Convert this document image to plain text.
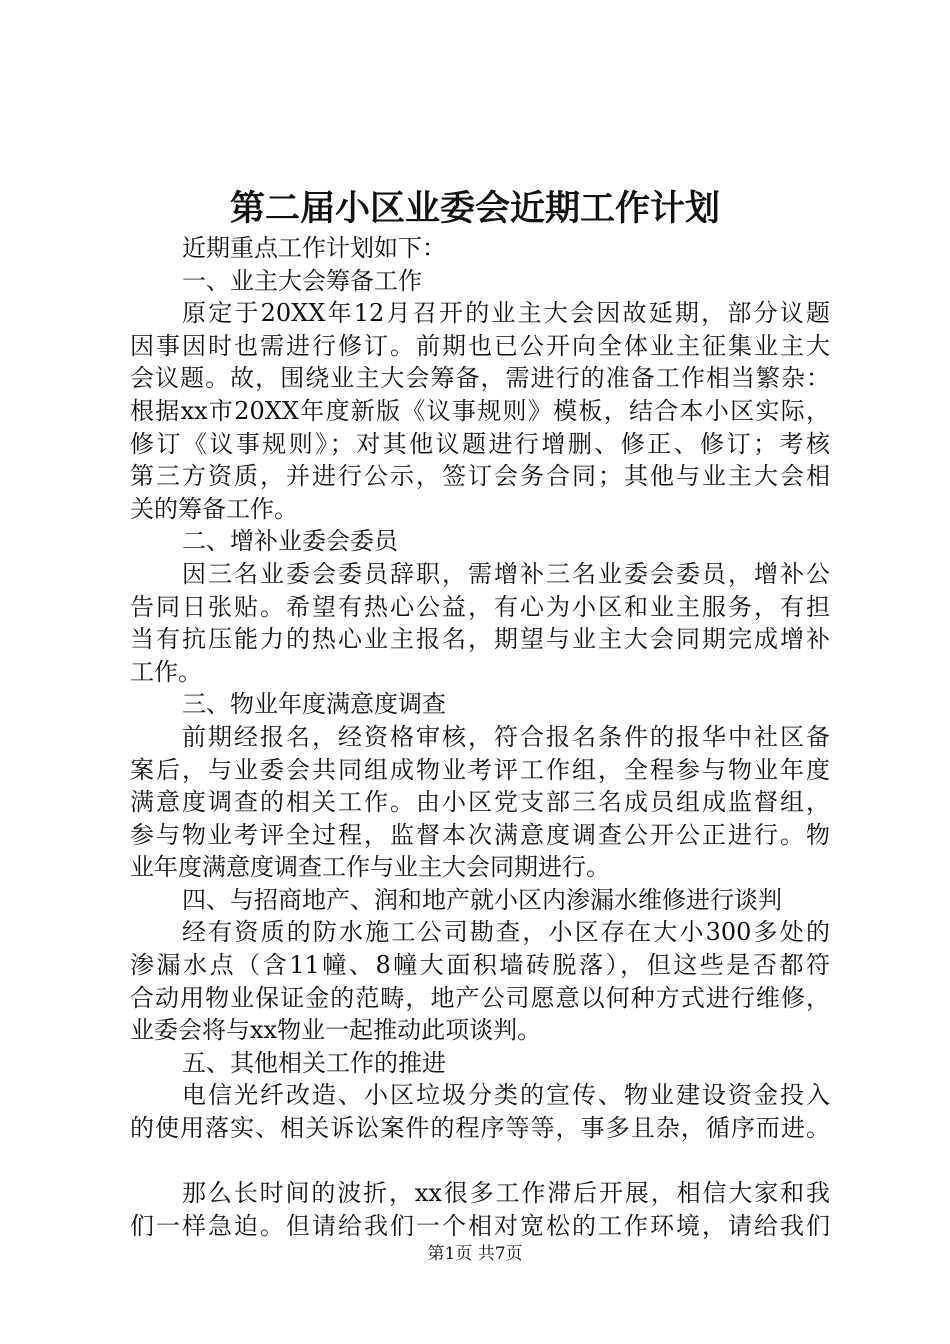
第二届小区业委会近期工作计划
近期重点工作计划如下：
一、业主大会筹备工作
原定于20XX年12月召开的业主大会因故延期，部分议题
因事因时也需进行修订。前期也已公开向全体业主征集业主大
会议题。故，围绕业主大会筹备，需进行的准备工作相当繁杂：
根据xx市20XX年度新版《议事规则》模板，结合本小区实际，
修订《议事规则》；对其他议题进行增删、修正、修订；考核
第三方资质，并进行公示，签订会务合同；其他与业主大会相
关的筹备工作。
二、增补业委会委员
因三名业委会委员辞职，需增补三名业委会委员，增补公
告同日张贴。希望有热心公益，有心为小区和业主服务，有担
当有抗压能力的热心业主报名，期望与业主大会同期完成增补
工作。
三、物业年度满意度调查
前期经报名，经资格审核，符合报名条件的报华中社区备
案后，与业委会共同组成物业考评工作组，全程参与物业年度
满意度调查的相关工作。由小区党支部三名成员组成监督组，
参与物业考评全过程，监督本次满意度调查公开公正进行。物
业年度满意度调查工作与业主大会同期进行。
四、与招商地产、润和地产就小区内渗漏水维修进行谈判
经有资质的防水施工公司勘查，小区存在大小300多处的
渗漏水点（含11幢、8幢大面积墙砖脱落），但这些是否都符
合动用物业保证金的范畴，地产公司愿意以何种方式进行维修，
业委会将与xx物业一起推动此项谈判。
五、其他相关工作的推进
电信光纤改造、小区垃圾分类的宣传、物业建设资金投入
的使用落实、相关诉讼案件的程序等等，事多且杂，循序而进。
那么长时间的波折，xx很多工作滞后开展，相信大家和我
们一样急迫。但请给我们一个相对宽松的工作环境，请给我们
第1页 共7页
